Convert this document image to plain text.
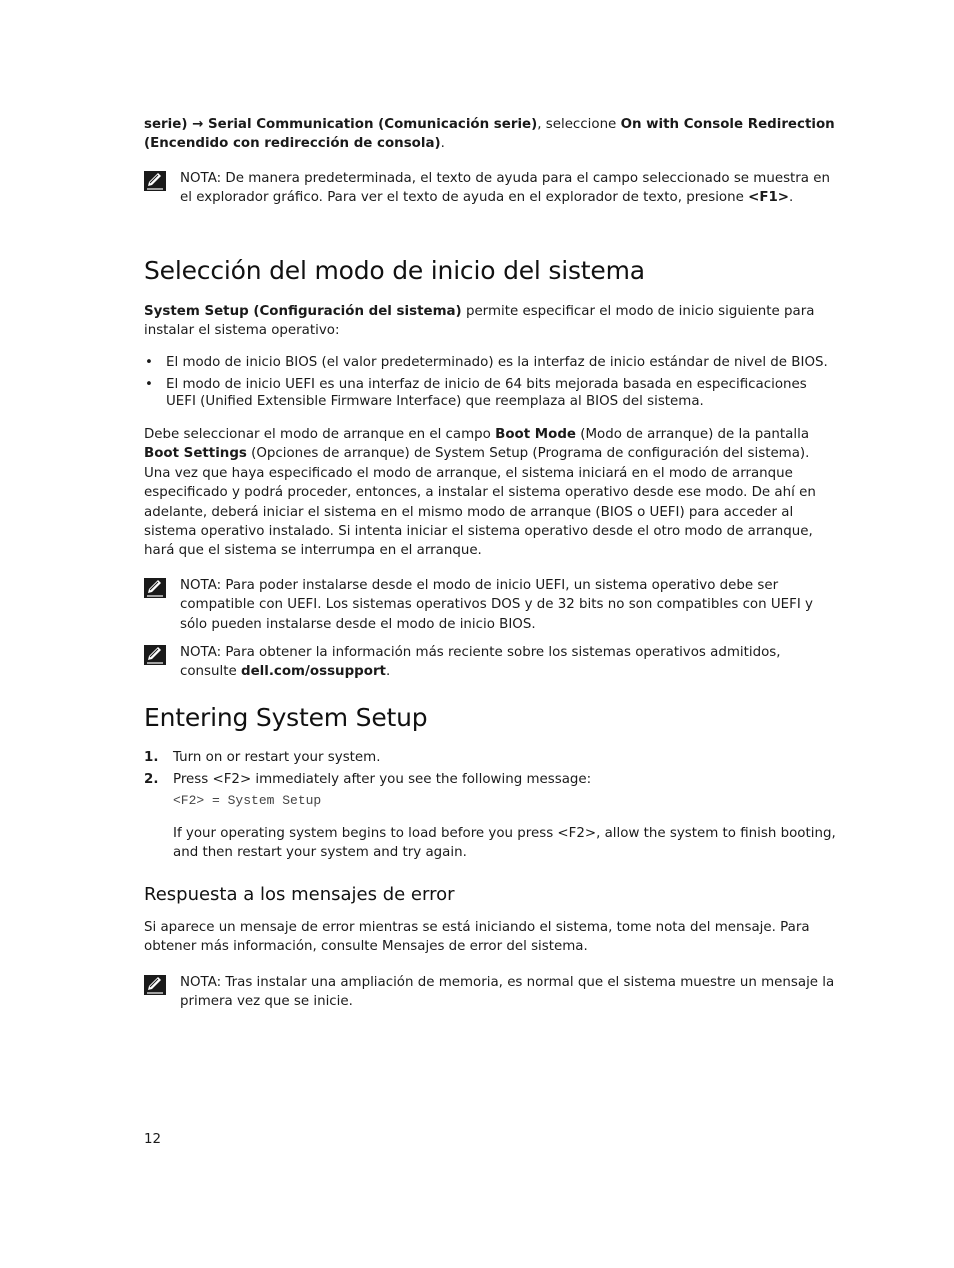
serie) → Serial Communication (Comunicación serie), seleccione On with Console Redirection (Encendido con redirección de consola).

NOTA: De manera predeterminada, el texto de ayuda para el campo seleccionado se muestra en el explorador gráfico. Para ver el texto de ayuda en el explorador de texto, presione <F1>.

Selección del modo de inicio del sistema

System Setup (Configuración del sistema) permite especificar el modo de inicio siguiente para instalar el sistema operativo:

• El modo de inicio BIOS (el valor predeterminado) es la interfaz de inicio estándar de nivel de BIOS.
• El modo de inicio UEFI es una interfaz de inicio de 64 bits mejorada basada en especificaciones UEFI (Unified Extensible Firmware Interface) que reemplaza al BIOS del sistema.

Debe seleccionar el modo de arranque en el campo Boot Mode (Modo de arranque) de la pantalla Boot Settings (Opciones de arranque) de System Setup (Programa de configuración del sistema). Una vez que haya especificado el modo de arranque, el sistema iniciará en el modo de arranque especificado y podrá proceder, entonces, a instalar el sistema operativo desde ese modo. De ahí en adelante, deberá iniciar el sistema en el mismo modo de arranque (BIOS o UEFI) para acceder al sistema operativo instalado. Si intenta iniciar el sistema operativo desde el otro modo de arranque, hará que el sistema se interrumpa en el arranque.

NOTA: Para poder instalarse desde el modo de inicio UEFI, un sistema operativo debe ser compatible con UEFI. Los sistemas operativos DOS y de 32 bits no son compatibles con UEFI y sólo pueden instalarse desde el modo de inicio BIOS.

NOTA: Para obtener la información más reciente sobre los sistemas operativos admitidos, consulte dell.com/ossupport.

Entering System Setup
1. Turn on or restart your system.
2. Press <F2> immediately after you see the following message:
<F2> = System Setup

If your operating system begins to load before you press <F2>, allow the system to finish booting, and then restart your system and try again.

Respuesta a los mensajes de error

Si aparece un mensaje de error mientras se está iniciando el sistema, tome nota del mensaje. Para obtener más información, consulte Mensajes de error del sistema.

NOTA: Tras instalar una ampliación de memoria, es normal que el sistema muestre un mensaje la primera vez que se inicie.

12
